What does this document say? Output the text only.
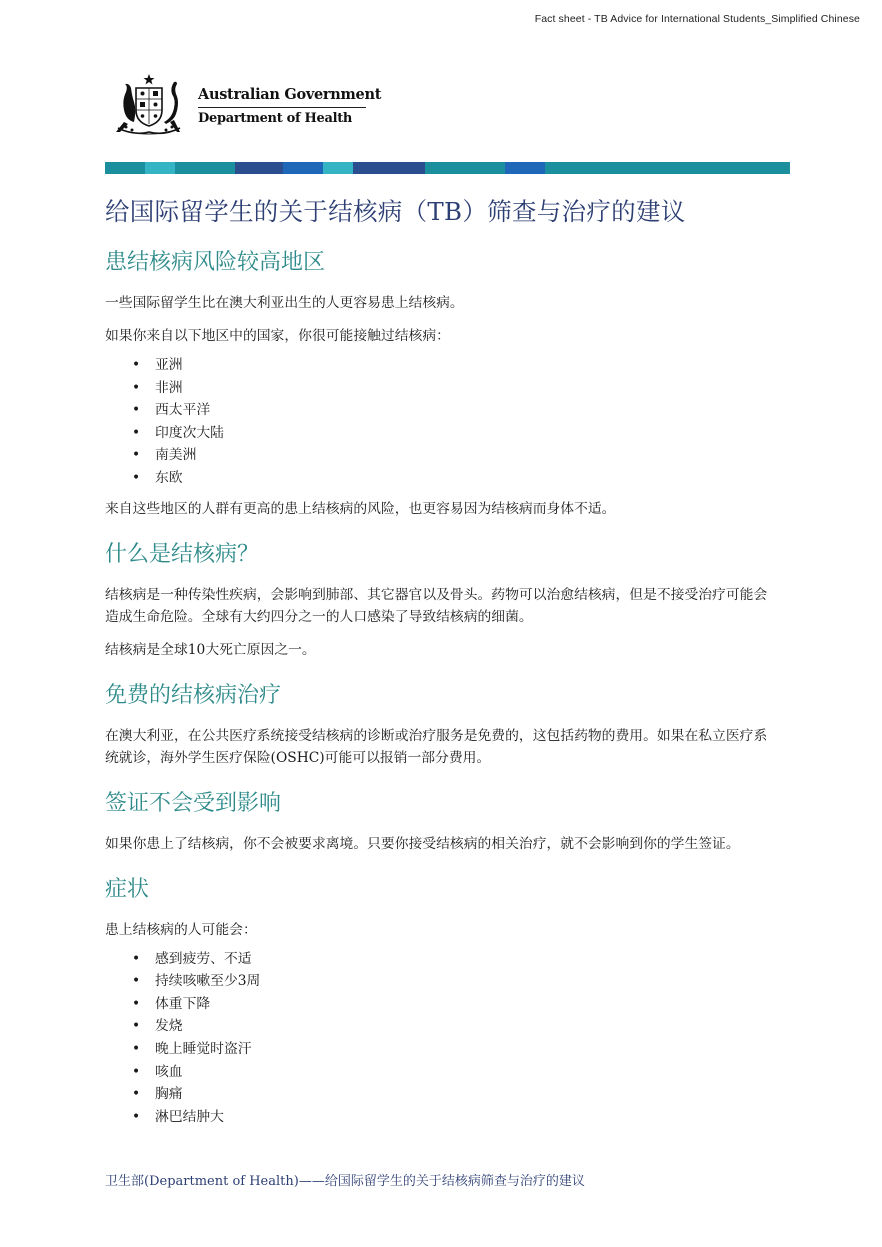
Fact sheet - TB Advice for International Students_Simplified Chinese
Australian Government
Department of Health
给国际留学生的关于结核病（TB）筛查与治疗的建议
患结核病风险较高地区

一些国际留学生比在澳大利亚出生的人更容易患上结核病。

如果你来自以下地区中的国家，你很可能接触过结核病：

• 亚洲
• 非洲
• 西太平洋
• 印度次大陆
• 南美洲
• 东欧

来自这些地区的人群有更高的患上结核病的风险，也更容易因为结核病而身体不适。

什么是结核病？

结核病是一种传染性疾病，会影响到肺部、其它器官以及骨头。药物可以治愈结核病，但是不接受治疗可能会造成生命危险。全球有大约四分之一的人口感染了导致结核病的细菌。

结核病是全球10大死亡原因之一。

免费的结核病治疗

在澳大利亚，在公共医疗系统接受结核病的诊断或治疗服务是免费的，这包括药物的费用。如果在私立医疗系统就诊，海外学生医疗保险(OSHC)可能可以报销一部分费用。

签证不会受到影响

如果你患上了结核病，你不会被要求离境。只要你接受结核病的相关治疗，就不会影响到你的学生签证。

症状

患上结核病的人可能会：

• 感到疲劳、不适
• 持续咳嗽至少3周
• 体重下降
• 发烧
• 晚上睡觉时盗汗
• 咳血
• 胸痛
• 淋巴结肿大
卫生部(Department of Health)——给国际留学生的关于结核病筛查与治疗的建议
